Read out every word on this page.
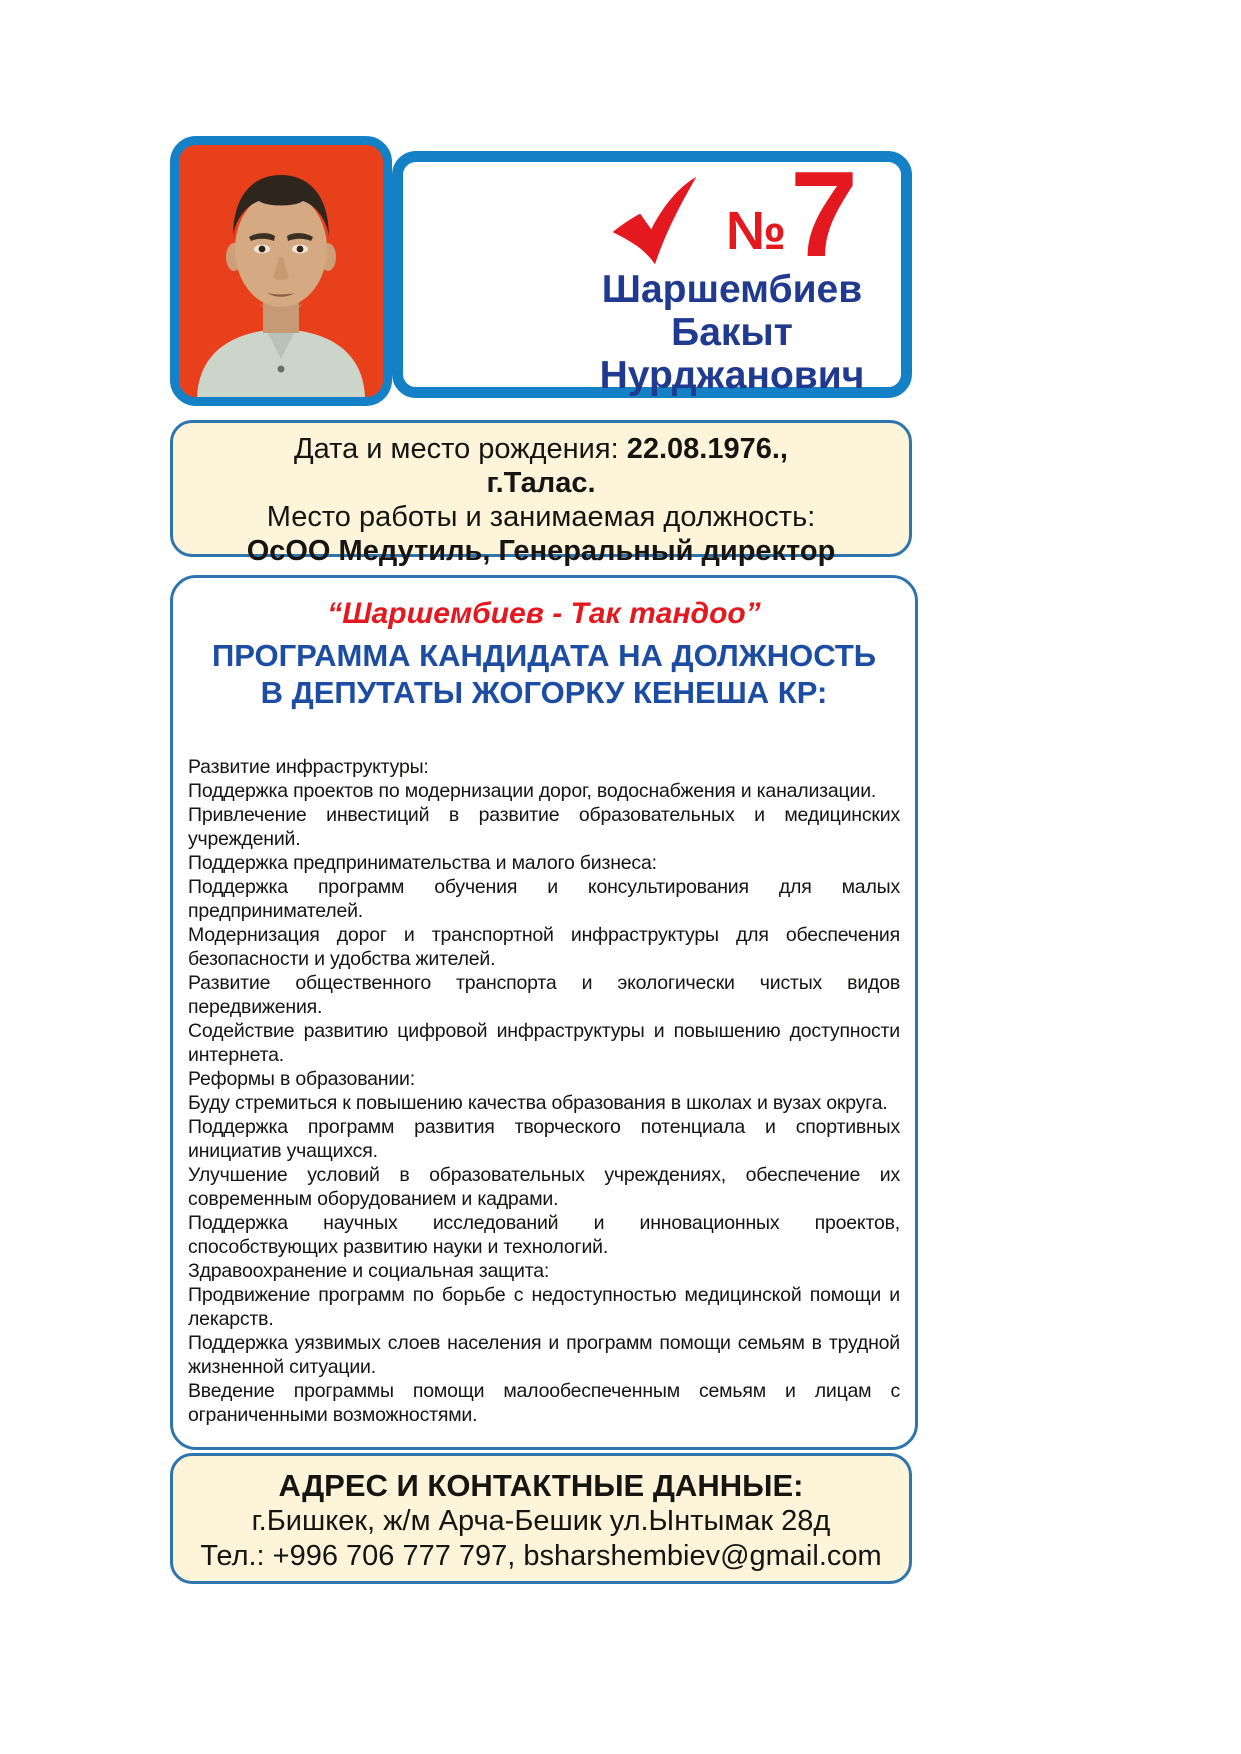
№ 7
Шаршембиев
Бакыт
Нурджанович
Дата и место рождения: 22.08.1976.,
г.Талас.
Место работы и занимаемая должность:
ОсОО Медутиль, Генеральный директор
“Шаршембиев - Так тандоо”
ПРОГРАММА КАНДИДАТА НА ДОЛЖНОСТЬ
В ДЕПУТАТЫ ЖОГОРКУ КЕНЕША КР:

Развитие инфраструктуры:

Поддержка проектов по модернизации дорог, водоснабжения и канализации.

Привлечение инвестиций в развитие образовательных и медицинских учреждений.

Поддержка предпринимательства и малого бизнеса:

Поддержка программ обучения и консультирования для малых предпринимателей.

Модернизация дорог и транспортной инфраструктуры для обеспечения безопасности и удобства жителей.

Развитие общественного транспорта и экологически чистых видов передвижения.

Содействие развитию цифровой инфраструктуры и повышению доступности интернета.

Реформы в образовании:

Буду стремиться к повышению качества образования в школах и вузах округа.

Поддержка программ развития творческого потенциала и спортивных инициатив учащихся.

Улучшение условий в образовательных учреждениях, обеспечение их современным оборудованием и кадрами.

Поддержка научных исследований и инновационных проектов, способствующих развитию науки и технологий.

Здравоохранение и социальная защита:

Продвижение программ по борьбе с недоступностью медицинской помощи и лекарств.

Поддержка уязвимых слоев населения и программ помощи семьям в трудной жизненной ситуации.

Введение программы помощи малообеспеченным семьям и лицам с ограниченными возможностями.

АДРЕС И КОНТАКТНЫЕ ДАННЫЕ:
г.Бишкек, ж/м Арча-Бешик ул.Ынтымак 28д
Тел.: +996 706 777 797, bsharshembiev@gmail.com
